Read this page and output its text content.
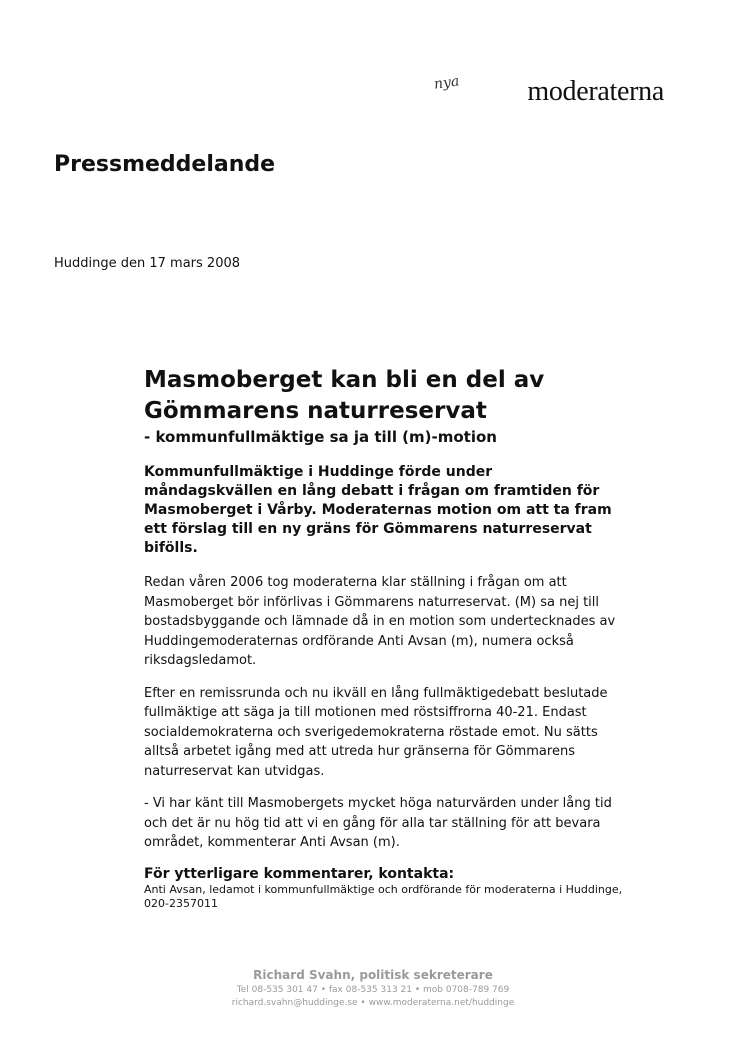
nya moderaterna
Pressmeddelande
Huddinge den 17 mars 2008
Masmoberget kan bli en del av Gömmarens naturreservat
- kommunfullmäktige sa ja till (m)-motion

Kommunfullmäktige i Huddinge förde under måndagskvällen en lång debatt i frågan om framtiden för Masmoberget i Vårby. Moderaternas motion om att ta fram ett förslag till en ny gräns för Gömmarens naturreservat bifölls.

Redan våren 2006 tog moderaterna klar ställning i frågan om att Masmoberget bör införlivas i Gömmarens naturreservat. (M) sa nej till bostadsbyggande och lämnade då in en motion som undertecknades av Huddingemoderaternas ordförande Anti Avsan (m), numera också riksdagsledamot.

Efter en remissrunda och nu ikväll en lång fullmäktigedebatt beslutade fullmäktige att säga ja till motionen med röstsiffrorna 40-21. Endast socialdemokraterna och sverigedemokraterna röstade emot. Nu sätts alltså arbetet igång med att utreda hur gränserna för Gömmarens naturreservat kan utvidgas.

- Vi har känt till Masmobergets mycket höga naturvärden under lång tid och det är nu hög tid att vi en gång för alla tar ställning för att bevara området, kommenterar Anti Avsan (m).

För ytterligare kommentarer, kontakta:

Anti Avsan, ledamot i kommunfullmäktige och ordförande för moderaterna i Huddinge, 020-2357011

Richard Svahn, politisk sekreterare
Tel 08-535 301 47 • fax 08-535 313 21 • mob 0708-789 769
richard.svahn@huddinge.se • www.moderaterna.net/huddinge
